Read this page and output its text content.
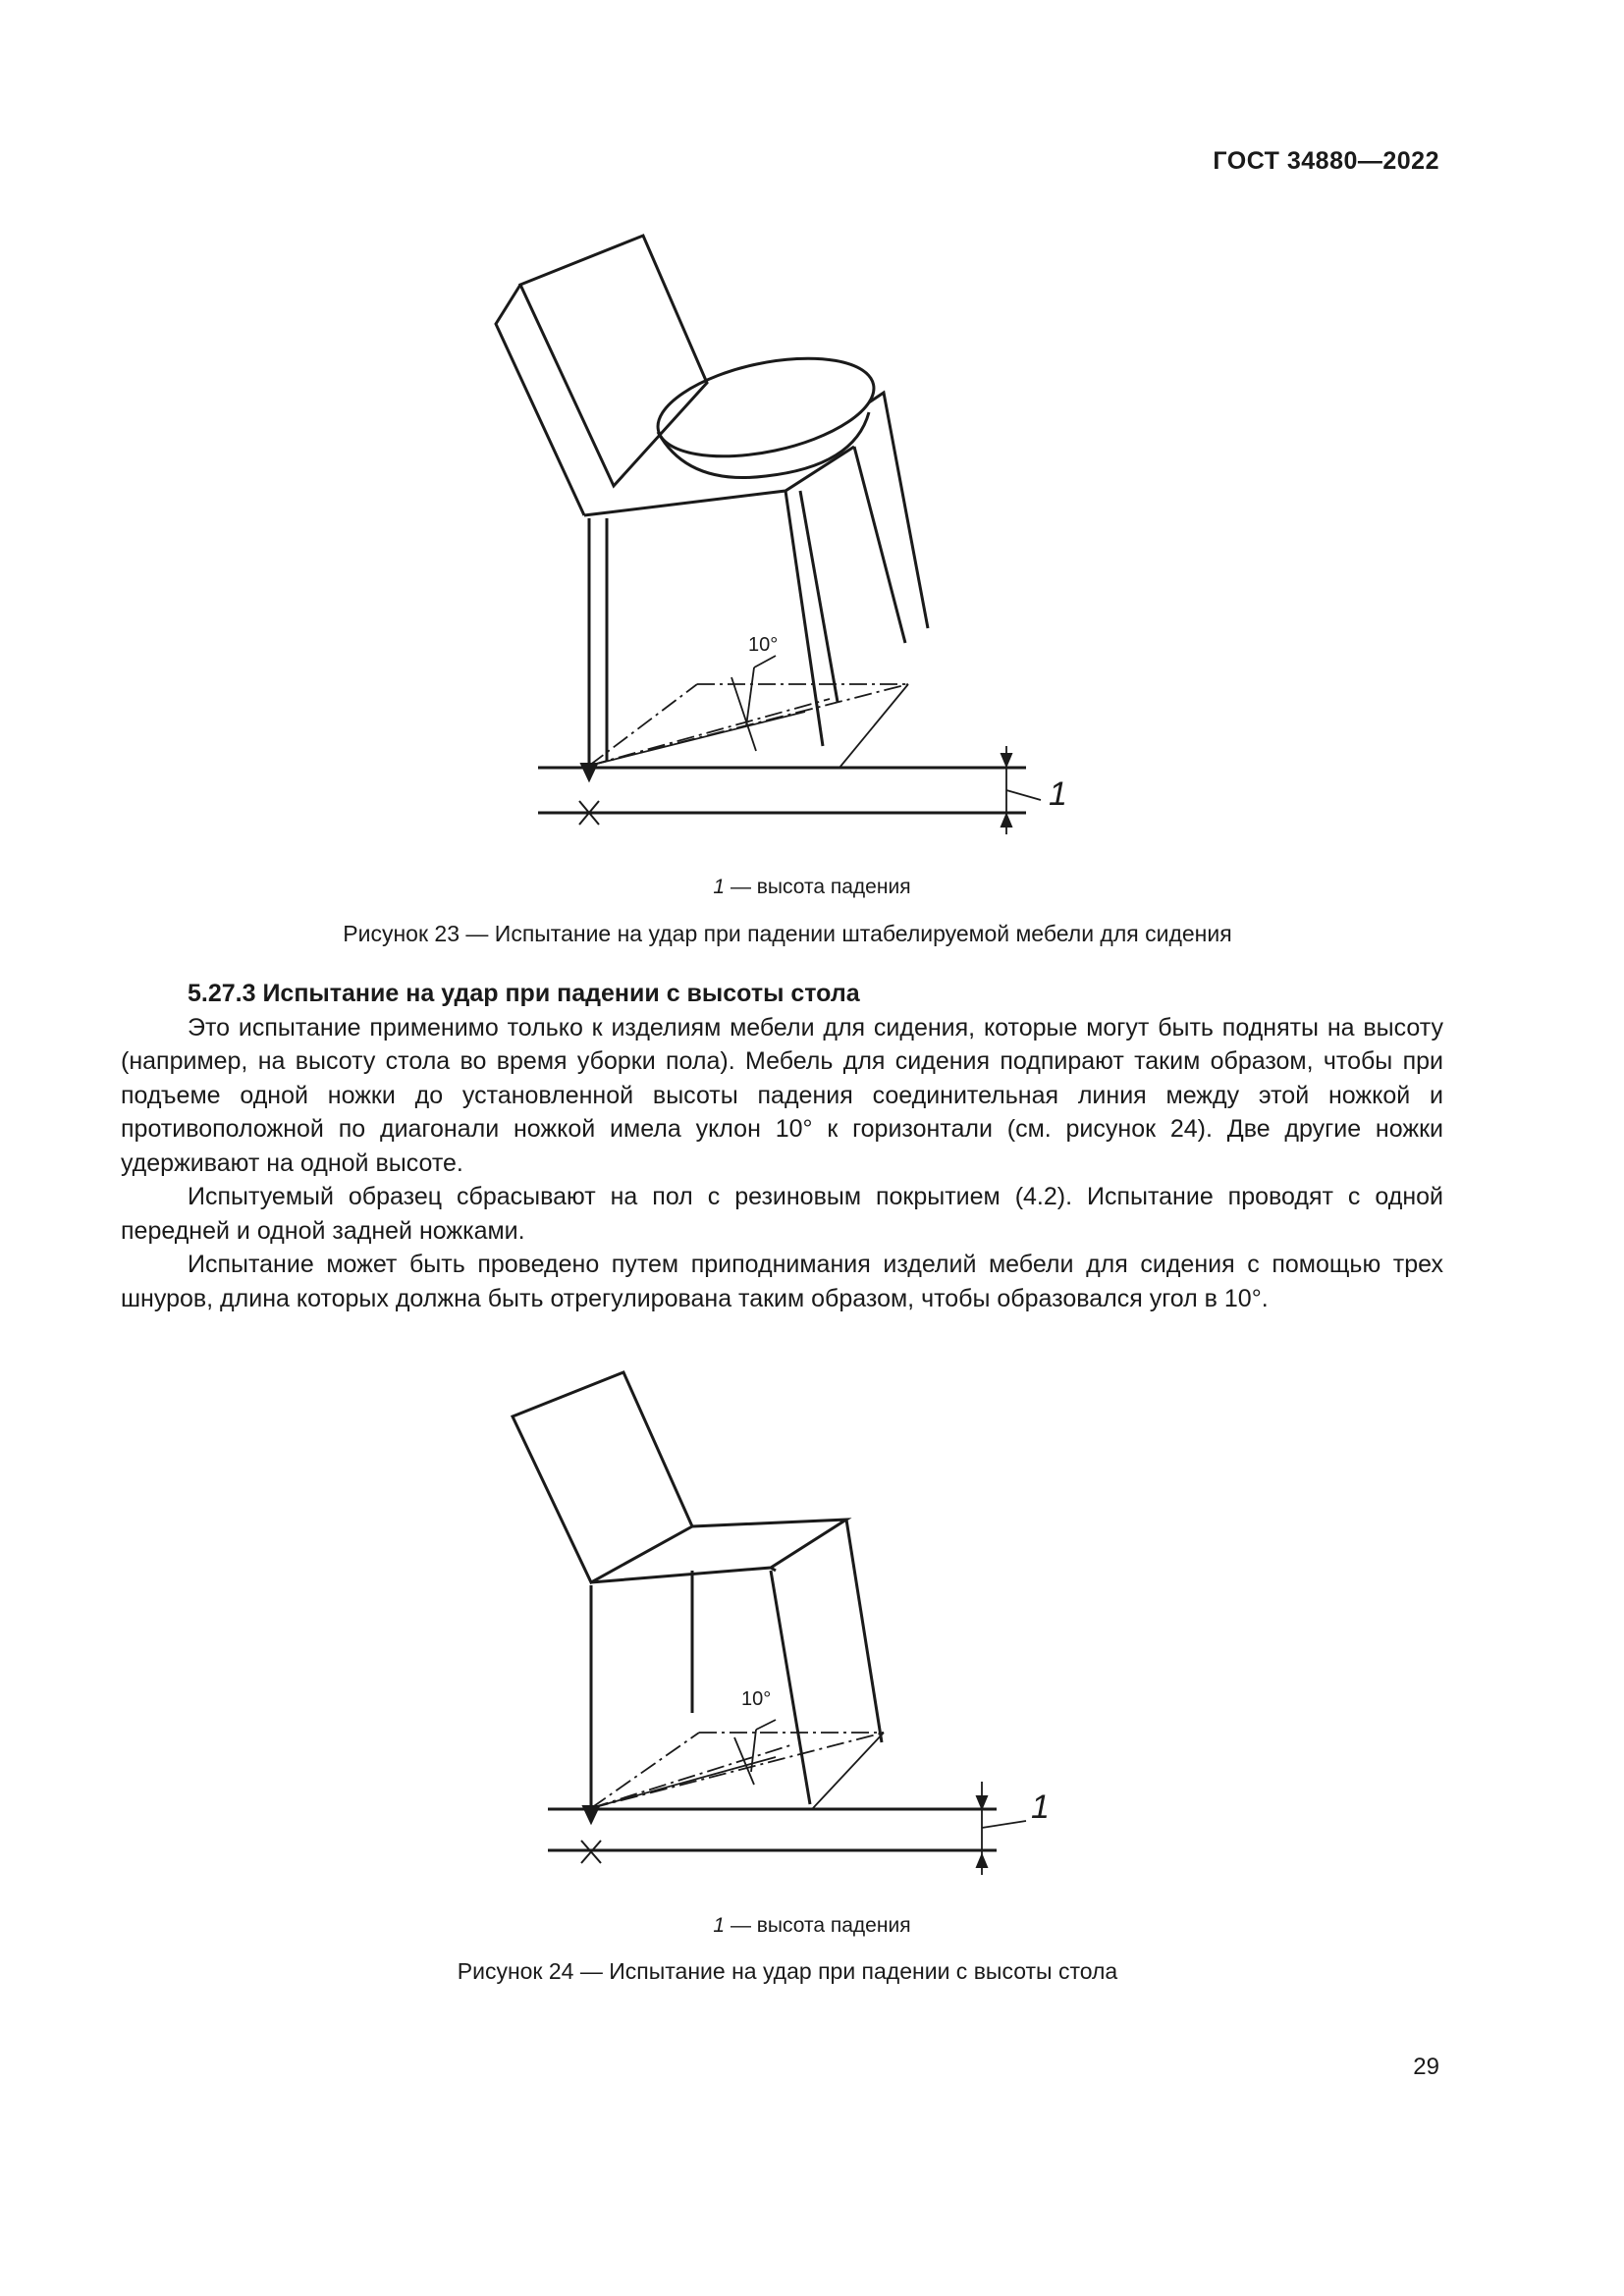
ГОСТ 34880—2022
10°
1
1 — высота падения
Рисунок 23 — Испытание на удар при падении штабелируемой мебели для сидения
5.27.3 Испытание на удар при падении с высоты стола

Это испытание применимо только к изделиям мебели для сидения, которые могут быть подняты на высоту (например, на высоту стола во время уборки пола). Мебель для сидения подпирают таким образом, чтобы при подъеме одной ножки до установленной высоты падения соединительная линия между этой ножкой и противоположной по диагонали ножкой имела уклон 10° к горизонтали (см. рисунок 24). Две другие ножки удерживают на одной высоте.

Испытуемый образец сбрасывают на пол с резиновым покрытием (4.2). Испытание проводят с одной передней и одной задней ножками.

Испытание может быть проведено путем приподнимания изделий мебели для сидения с помощью трех шнуров, длина которых должна быть отрегулирована таким образом, чтобы образовался угол в 10°.

10°
1
1 — высота падения
Рисунок 24 — Испытание на удар при падении с высоты стола
29
